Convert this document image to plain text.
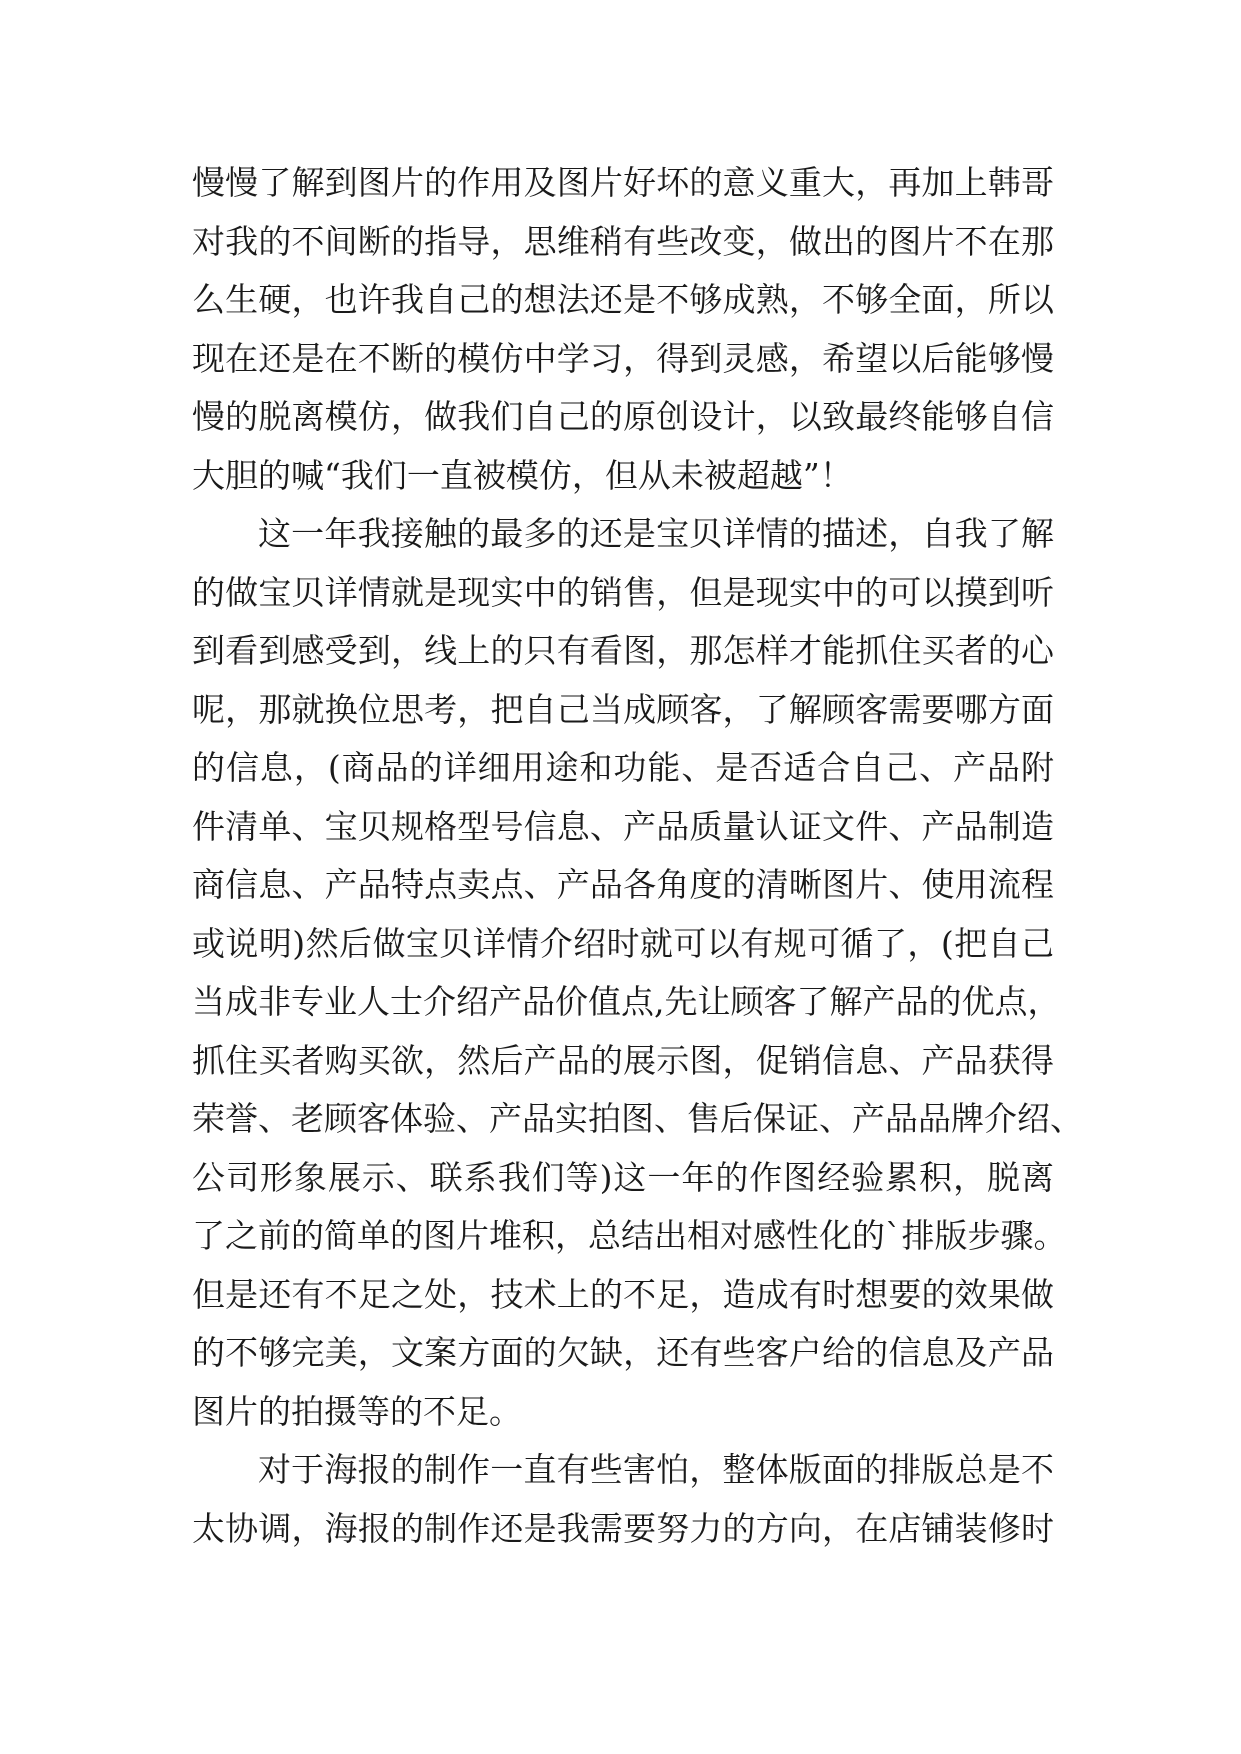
慢慢了解到图片的作用及图片好坏的意义重大，再加上韩哥
对我的不间断的指导，思维稍有些改变，做出的图片不在那
么生硬，也许我自己的想法还是不够成熟，不够全面，所以
现在还是在不断的模仿中学习，得到灵感，希望以后能够慢
慢的脱离模仿，做我们自己的原创设计，以致最终能够自信
大胆的喊“我们一直被模仿，但从未被超越”！
这一年我接触的最多的还是宝贝详情的描述，自我了解
的做宝贝详情就是现实中的销售，但是现实中的可以摸到听
到看到感受到，线上的只有看图，那怎样才能抓住买者的心
呢，那就换位思考，把自己当成顾客，了解顾客需要哪方面
的信息，(商品的详细用途和功能、是否适合自己、产品附
件清单、宝贝规格型号信息、产品质量认证文件、产品制造
商信息、产品特点卖点、产品各角度的清晰图片、使用流程
或说明)然后做宝贝详情介绍时就可以有规可循了，(把自己
当成非专业人士介绍产品价值点,先让顾客了解产品的优点，
抓住买者购买欲，然后产品的展示图，促销信息、产品获得
荣誉、老顾客体验、产品实拍图、售后保证、产品品牌介绍、
公司形象展示、联系我们等)这一年的作图经验累积，脱离
了之前的简单的图片堆积，总结出相对感性化的`排版步骤。
但是还有不足之处，技术上的不足，造成有时想要的效果做
的不够完美，文案方面的欠缺，还有些客户给的信息及产品
图片的拍摄等的不足。
对于海报的制作一直有些害怕，整体版面的排版总是不
太协调，海报的制作还是我需要努力的方向，在店铺装修时
